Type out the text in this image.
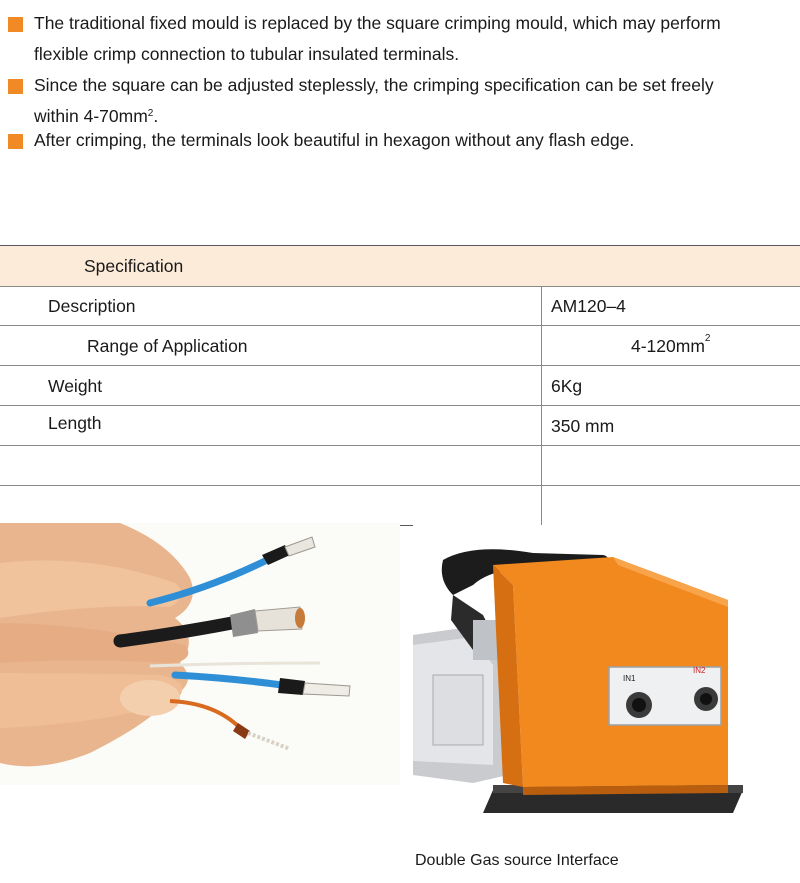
The traditional fixed mould is replaced by the square crimping mould, which may perform
flexible crimp connection to tubular insulated terminals.
Since the square can be adjusted steplessly, the crimping specification can be set freely
within $4-70mm^2$.
After crimping, the terminals look beautiful in hexagon without any flash edge.
Specification
Description	AM120–4
Range of Application	$4-120mm^2$
Weight	6Kg
Length	350 mm
IN1
IN2
Double Gas source Interface
